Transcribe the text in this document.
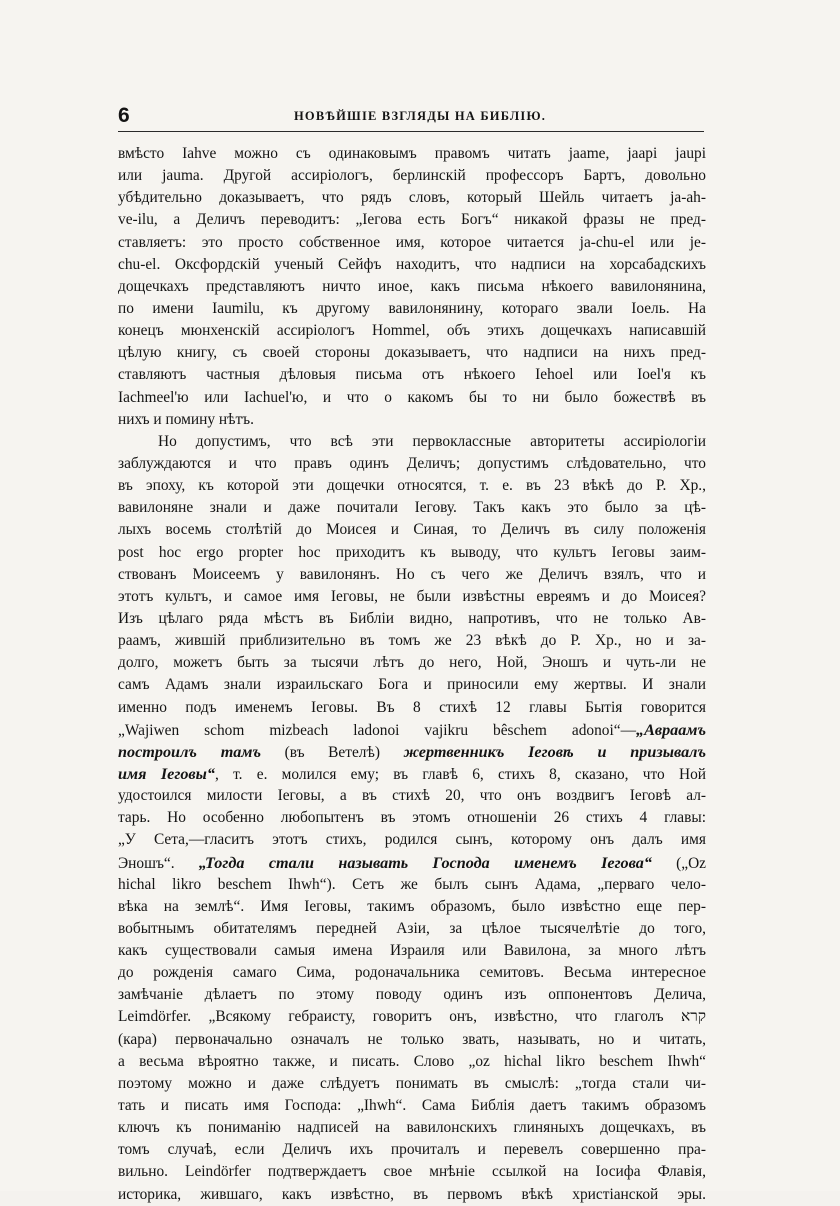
6	НОВѢЙШІЕ ВЗГЛЯДЫ НА БИБЛІЮ.
вмѣсто Iahve можно съ одинаковымъ правомъ читать jaame, jaapi jaupi
или jauma. Другой ассиріологъ, берлинскій профессоръ Бартъ, довольно
убѣдительно доказываетъ, что рядъ словъ, который Шейль читаетъ ja-ah-
ve-ilu, а Деличъ переводитъ: „Іегова есть Богъ“ никакой фразы не пред-
ставляетъ: это просто собственное имя, которое читается ja-chu-el или je-
chu-el. Оксфордскій ученый Сейфъ находитъ, что надписи на хорсабадскихъ
дощечкахъ представляютъ ничто иное, какъ письма нѣкоего вавилонянина,
по имени Iaumilu, къ другому вавилонянину, котораго звали Іоель. На
конецъ мюнхенскій ассиріологъ Hommel, объ этихъ дощечкахъ написавшій
цѣлую книгу, съ своей стороны доказываетъ, что надписи на нихъ пред-
ставляютъ частныя дѣловыя письма отъ нѣкоего Iehoel или Ioel'я къ
Iachmeel'ю или Iachuel'ю, и что о какомъ бы то ни было божествѣ въ
нихъ и помину нѣтъ.
Но допустимъ, что всѣ эти первоклассные авторитеты ассиріологіи
заблуждаются и что правъ одинъ Деличъ; допустимъ слѣдовательно, что
въ эпоху, къ которой эти дощечки относятся, т. е. въ 23 вѣкѣ до Р. Хр.,
вавилоняне знали и даже почитали Іегову. Такъ какъ это было за цѣ-
лыхъ восемь столѣтій до Моисея и Синая, то Деличъ въ силу положенія
post hoc ergo propter hoc приходитъ къ выводу, что культъ Іеговы заим-
ствованъ Моисеемъ у вавилонянъ. Но съ чего же Деличъ взялъ, что и
этотъ культъ, и самое имя Іеговы, не были извѣстны евреямъ и до Моисея?
Изъ цѣлаго ряда мѣстъ въ Библіи видно, напротивъ, что не только Ав-
раамъ, жившій приблизительно въ томъ же 23 вѣкѣ до Р. Хр., но и за-
долго, можетъ быть за тысячи лѣтъ до него, Ной, Эношъ и чуть-ли не
самъ Адамъ знали израильскаго Бога и приносили ему жертвы. И знали
именно подъ именемъ Іеговы. Въ 8 стихѣ 12 главы Бытія говорится
„Wajiwen schom mizbeach ladonoi vajikru bêschem adonoi“—„Авраамъ
построилъ тамъ (въ Ветелѣ) жертвенникъ Іеговѣ и призывалъ
имя Іеговы“, т. е. молился ему; въ главѣ 6, стихъ 8, сказано, что Ной
удостоился милости Іеговы, а въ стихѣ 20, что онъ воздвигъ Іеговѣ ал-
тарь. Но особенно любопытенъ въ этомъ отношеніи 26 стихъ 4 главы:
„У Сета,—гласитъ этотъ стихъ, родился сынъ, которому онъ далъ имя
Эношъ“. „Тогда стали называть Господа именемъ Іегова“ („Oz
hichal likro beschem Ihwh“). Сетъ же былъ сынъ Адама, „перваго чело-
вѣка на землѣ“. Имя Іеговы, такимъ образомъ, было извѣстно еще пер-
вобытнымъ обитателямъ передней Азіи, за цѣлое тысячелѣтіе до того,
какъ существовали самыя имена Израиля или Вавилона, за много лѣтъ
до рожденія самаго Сима, родоначальника семитовъ. Весьма интересное
замѣчаніе дѣлаетъ по этому поводу одинъ изъ оппонентовъ Делича,
Leimdörfer. „Всякому гебраисту, говоритъ онъ, извѣстно, что глаголъ קרא
(кара) первоначально означалъ не только звать, называть, но и читать,
а весьма вѣроятно также, и писать. Слово „oz hichal likro beschem Ihwh“
поэтому можно и даже слѣдуетъ понимать въ смыслѣ: „тогда стали чи-
тать и писать имя Господа: „Ihwh“. Сама Библія даетъ такимъ образомъ
ключъ къ пониманію надписей на вавилонскихъ глиняныхъ дощечкахъ, въ
томъ случаѣ, если Деличъ ихъ прочиталъ и перевелъ совершенно пра-
вильно. Leindörfer подтверждаетъ свое мнѣніе ссылкой на Іосифа Флавія,
историка, жившаго, какъ извѣстно, въ первомъ вѣкѣ христіанской эры.
